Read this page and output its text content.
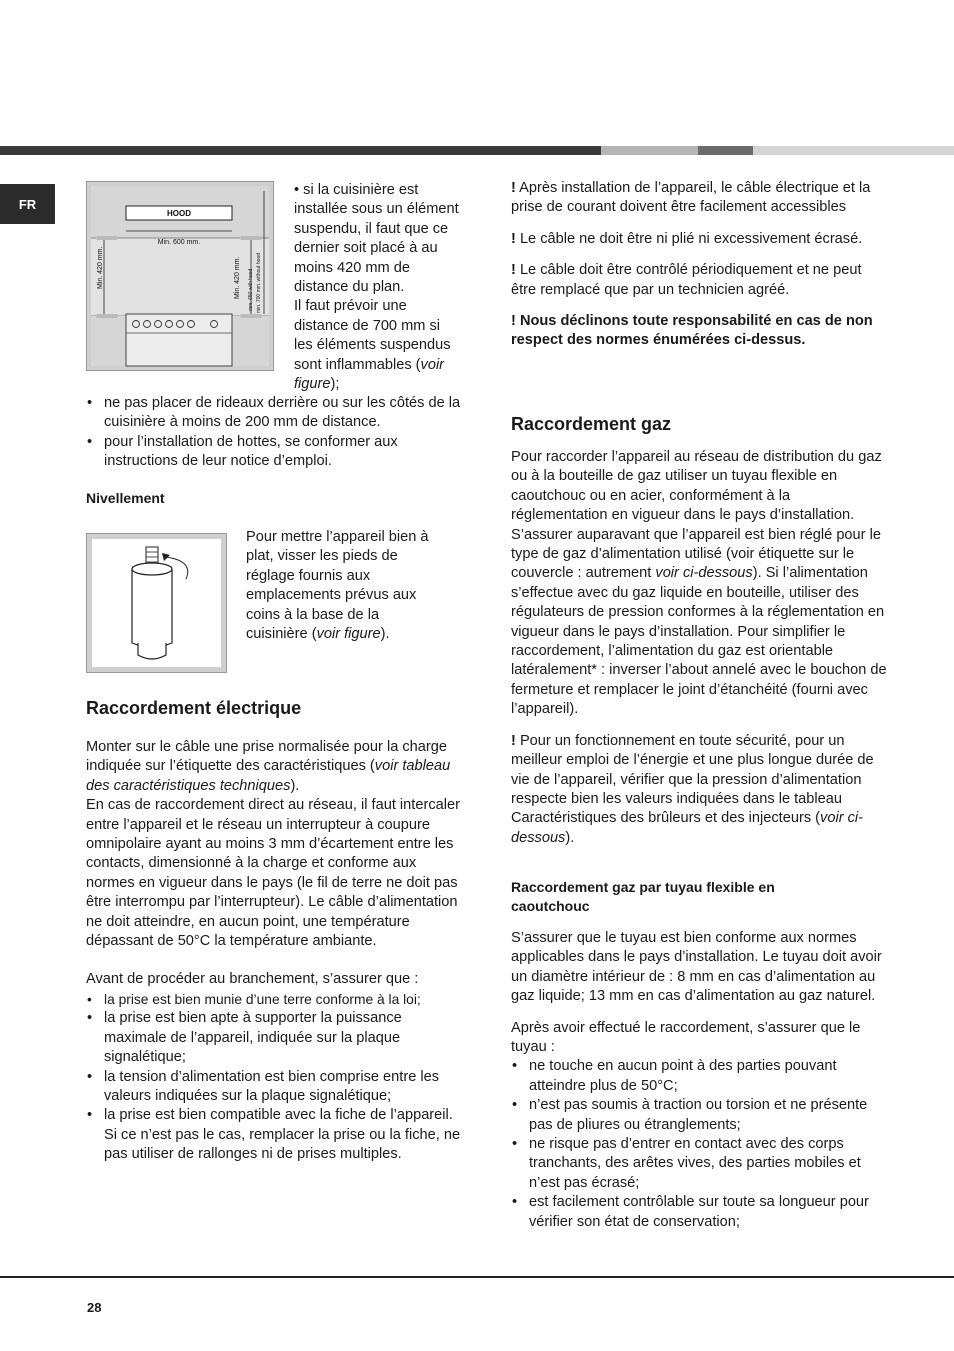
FR
HOOD
Min. 600 mm.
Min. 420 mm.	Min. 420 mm. mm. 650 with hood min. 700 mm. without hood

• si la cuisinière est

installée sous un élément

suspendu, il faut que ce

dernier soit placé à au

moins 420 mm de

distance du plan.

Il faut prévoir une

distance de 700 mm si

les éléments suspendus

sont inflammables (voir

figure);

• ne pas placer de rideaux derrière ou sur les côtés de la cuisinière à moins de 200 mm de distance.

• pour l’installation de hottes, se conformer aux instructions de leur notice d’emploi.

Nivellement

Pour mettre l’appareil bien à

plat, visser les pieds de

réglage fournis aux

emplacements prévus aux

coins à la base de la

cuisinière (voir figure).

Raccordement électrique

Monter sur le câble une prise normalisée pour la charge indiquée sur l’étiquette des caractéristiques (voir tableau des caractéristiques techniques).

En cas de raccordement direct au réseau, il faut intercaler entre l’appareil et le réseau un interrupteur à coupure omnipolaire ayant au moins 3 mm d’écartement entre les contacts, dimensionné à la charge et conforme aux normes en vigueur dans le pays (le fil de terre ne doit pas être interrompu par l’interrupteur). Le câble d’alimentation ne doit atteindre, en aucun point, une température dépassant de 50°C la température ambiante.

Avant de procéder au branchement, s’assurer que :

• la prise est bien munie d’une terre conforme à la loi;

• la prise est bien apte à supporter la puissance maximale de l’appareil, indiquée sur la plaque signalétique;

• la tension d’alimentation est bien comprise entre les valeurs indiquées sur la plaque signalétique;

• la prise est bien compatible avec la fiche de l’appareil. Si ce n’est pas le cas, remplacer la prise ou la fiche, ne pas utiliser de rallonges ni de prises multiples.

! Après installation de l’appareil, le câble électrique et la prise de courant doivent être facilement accessibles

! Le câble ne doit être ni plié ni excessivement écrasé.

! Le câble doit être contrôlé périodiquement et ne peut être remplacé que par un technicien agréé.

! Nous déclinons toute responsabilité en cas de non respect des normes énumérées ci-dessus.

Raccordement gaz

Pour raccorder l’appareil au réseau de distribution du gaz ou à la bouteille de gaz utiliser un tuyau flexible en caoutchouc ou en acier, conformément à la réglementation en vigueur dans le pays d’installation. S’assurer auparavant que l’appareil est bien réglé pour le type de gaz d’alimentation utilisé (voir étiquette sur le couvercle : autrement voir ci-dessous). Si l’alimentation s’effectue avec du gaz liquide en bouteille, utiliser des régulateurs de pression conformes à la réglementation en vigueur dans le pays d’installation. Pour simplifier le raccordement, l’alimentation du gaz est orientable latéralement* : inverser l’about annelé avec le bouchon de fermeture et remplacer le joint d’étanchéité (fourni avec l’appareil).

! Pour un fonctionnement en toute sécurité, pour un meilleur emploi de l’énergie et une plus longue durée de vie de l’appareil, vérifier que la pression d’alimentation respecte bien les valeurs indiquées dans le tableau Caractéristiques des brûleurs et des injecteurs (voir ci-dessous).

Raccordement gaz par tuyau flexible en caoutchouc

S’assurer que le tuyau est bien conforme aux normes applicables dans le pays d’installation. Le tuyau doit avoir un diamètre intérieur de : 8 mm en cas d’alimentation au gaz liquide; 13 mm en cas d’alimentation au gaz naturel.

Après avoir effectué le raccordement, s’assurer que le tuyau :

• ne touche en aucun point à des parties pouvant atteindre plus de 50°C;

• n’est pas soumis à traction ou torsion et ne présente pas de pliures ou étranglements;

• ne risque pas d’entrer en contact avec des corps tranchants, des arêtes vives, des parties mobiles et n’est pas écrasé;

• est facilement contrôlable sur toute sa longueur pour vérifier son état de conservation;

28
